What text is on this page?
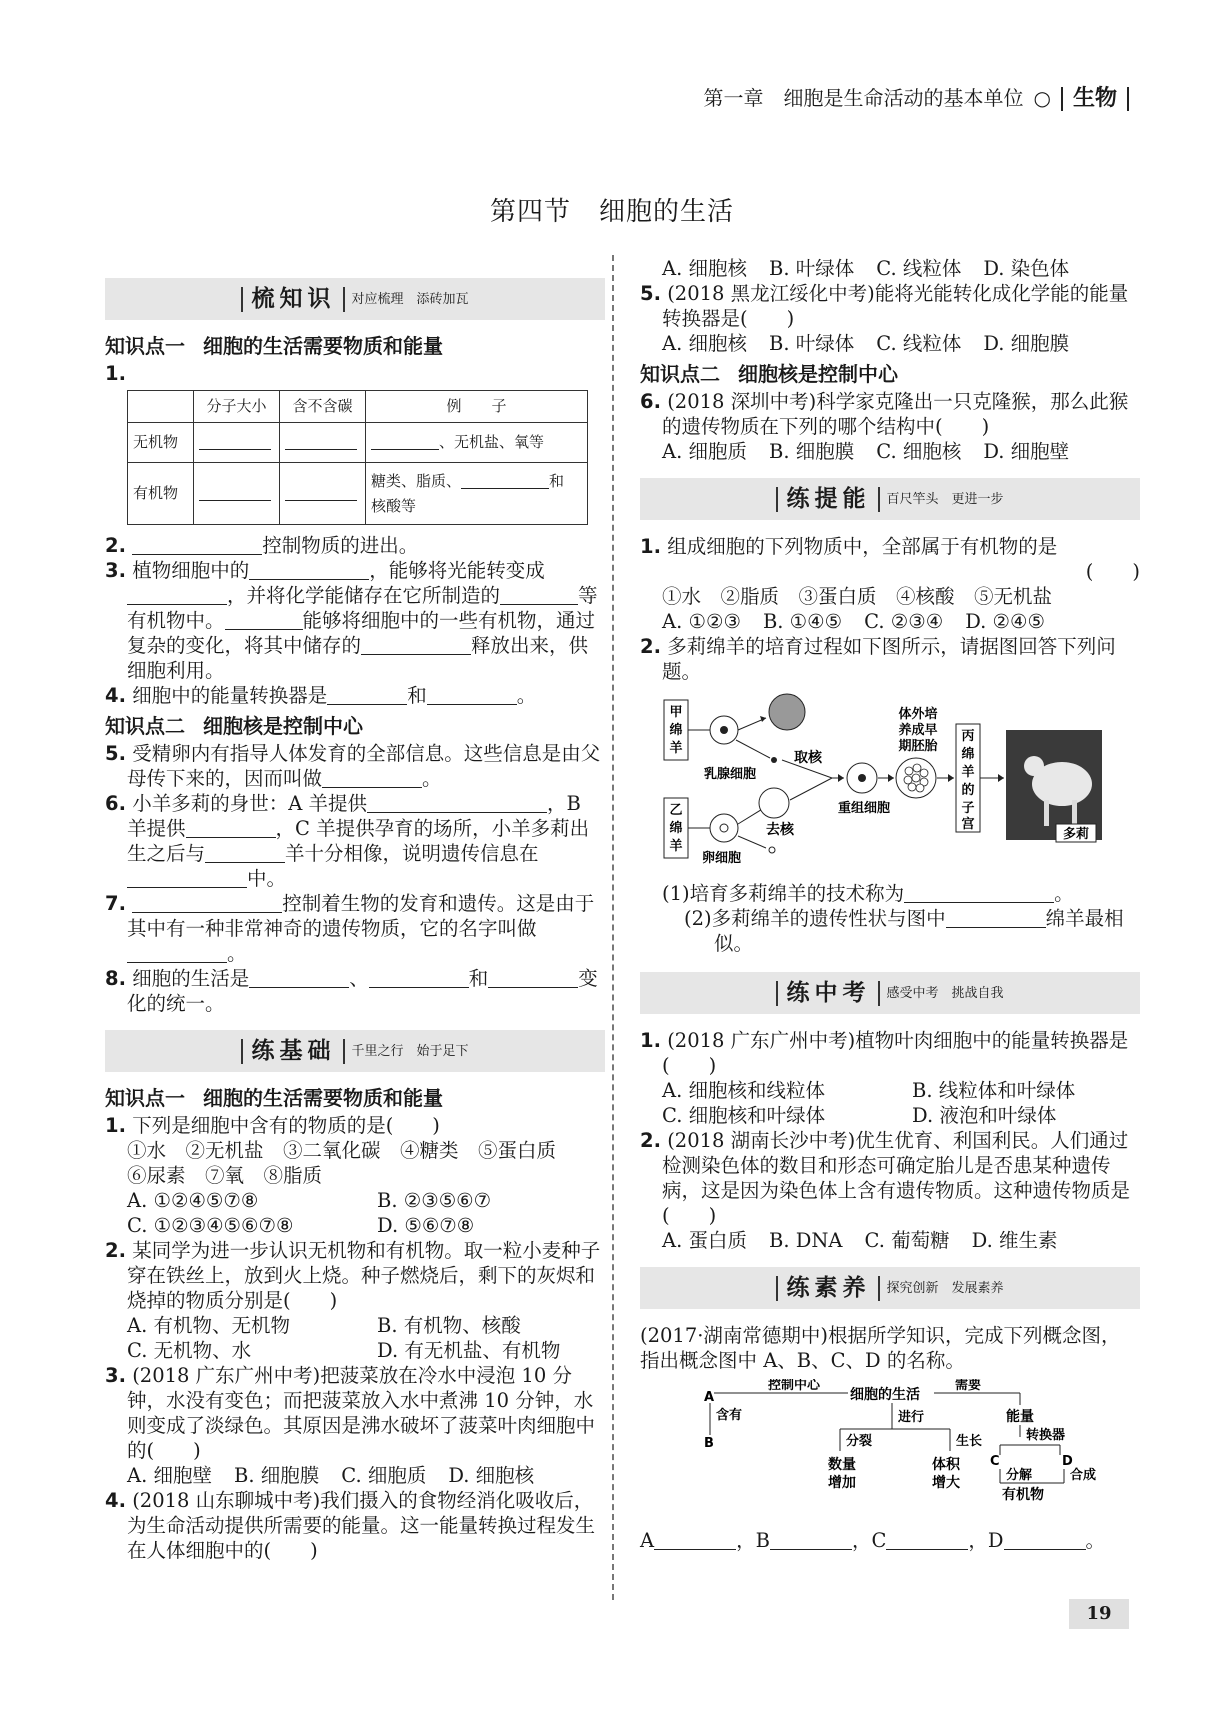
第一章　细胞是生命活动的基本单位 ○ 生物
第四节 细胞的生活
梳知识	对应梳理　添砖加瓦
知识点一 细胞的生活需要物质和能量

1.

	分子大小	含不含碳	例　　子
无机物			、无机盐、氧等
有机物			糖类、脂质、 和
核酸等

2.	控制物质的进出。

3. 植物细胞中的	，能够将光能转变成，并将化学能储存在它所制造的	等有机物中。	能够将细胞中的一些有机物，通过复杂的变化，将其中储存的	释放出来，供细胞利用。

4. 细胞中的能量转换器是	和	。

知识点二 细胞核是控制中心

5. 受精卵内有指导人体发育的全部信息。这些信息是由父母传下来的，因而叫做	。

6. 小羊多莉的身世：A 羊提供	，B 羊提供	，C 羊提供孕育的场所，小羊多莉出生之后与	羊十分相像，说明遗传信息在中。

7.	控制着生物的发育和遗传。这是由于其中有一种非常神奇的遗传物质，它的名字叫做。

8. 细胞的生活是	、	和	变化的统一。

练基础	千里之行　始于足下
知识点一 细胞的生活需要物质和能量

1. 下列是细胞中含有的物质的是(　　)

①水　②无机盐　③二氧化碳　④糖类　⑤蛋白质

⑥尿素　⑦氧　⑧脂质

A. ①②④⑤⑦⑧	B. ②③⑤⑥⑦
C. ①②③④⑤⑥⑦⑧	D. ⑤⑥⑦⑧

2. 某同学为进一步认识无机物和有机物。取一粒小麦种子穿在铁丝上，放到火上烧。种子燃烧后，剩下的灰烬和烧掉的物质分别是(　　)

A. 有机物、无机物	B. 有机物、核酸
C. 无机物、水	D. 有无机盐、有机物

3. (2018 广东广州中考)把菠菜放在冷水中浸泡 10 分钟，水没有变色；而把菠菜放入水中煮沸 10 分钟，水则变成了淡绿色。其原因是沸水破坏了菠菜叶肉细胞中的(　　)

A. 细胞壁 B. 细胞膜 C. 细胞质 D. 细胞核

4. (2018 山东聊城中考)我们摄入的食物经消化吸收后，为生命活动提供所需要的能量。这一能量转换过程发生在人体细胞中的(　　)

A. 细胞核 B. 叶绿体 C. 线粒体 D. 染色体

5. (2018 黑龙江绥化中考)能将光能转化成化学能的能量转换器是(　　)

A. 细胞核 B. 叶绿体 C. 线粒体 D. 细胞膜
知识点二 细胞核是控制中心

6. (2018 深圳中考)科学家克隆出一只克隆猴，那么此猴的遗传物质在下列的哪个结构中(　　)

A. 细胞质 B. 细胞膜 C. 细胞核 D. 细胞壁
练提能	百尺竿头　更进一步

1. 组成细胞的下列物质中，全部属于有机物的是

(　　)

①水　②脂质　③蛋白质　④核酸　⑤无机盐

A. ①②③ B. ①④⑤ C. ②③④ D. ②④⑤

2. 多莉绵羊的培育过程如下图所示，请据图回答下列问题。

甲
绵
羊
乙
绵
羊
取核
乳腺细胞
去核
卵细胞
重组细胞
体外培
养成早
期胚胎
丙
绵
羊
的
子
宫
多莉

(1)培育多莉绵羊的技术称为	。

(2)多莉绵羊的遗传性状与图中	绵羊最相似。

练中考	感受中考　挑战自我

1. (2018 广东广州中考)植物叶肉细胞中的能量转换器是(　　)

A. 细胞核和线粒体	B. 线粒体和叶绿体
C. 细胞核和叶绿体	D. 液泡和叶绿体

2. (2018 湖南长沙中考)优生优育、利国利民。人们通过检测染色体的数目和形态可确定胎儿是否患某种遗传病，这是因为染色体上含有遗传物质。这种遗传物质是(　　)

A. 蛋白质 B. DNA C. 葡萄糖 D. 维生素
练素养	探究创新　发展素养

(2017·湖南常德期中)根据所学知识，完成下列概念图，指出概念图中 A、B、C、D 的名称。

A
控制中心
细胞的生活
需要
含有
B
进行
分裂	生长
数量
增加
体积
增大
能量
转换器
C	D
分解	合成
有机物

A	，B	，C	，D	。

19
